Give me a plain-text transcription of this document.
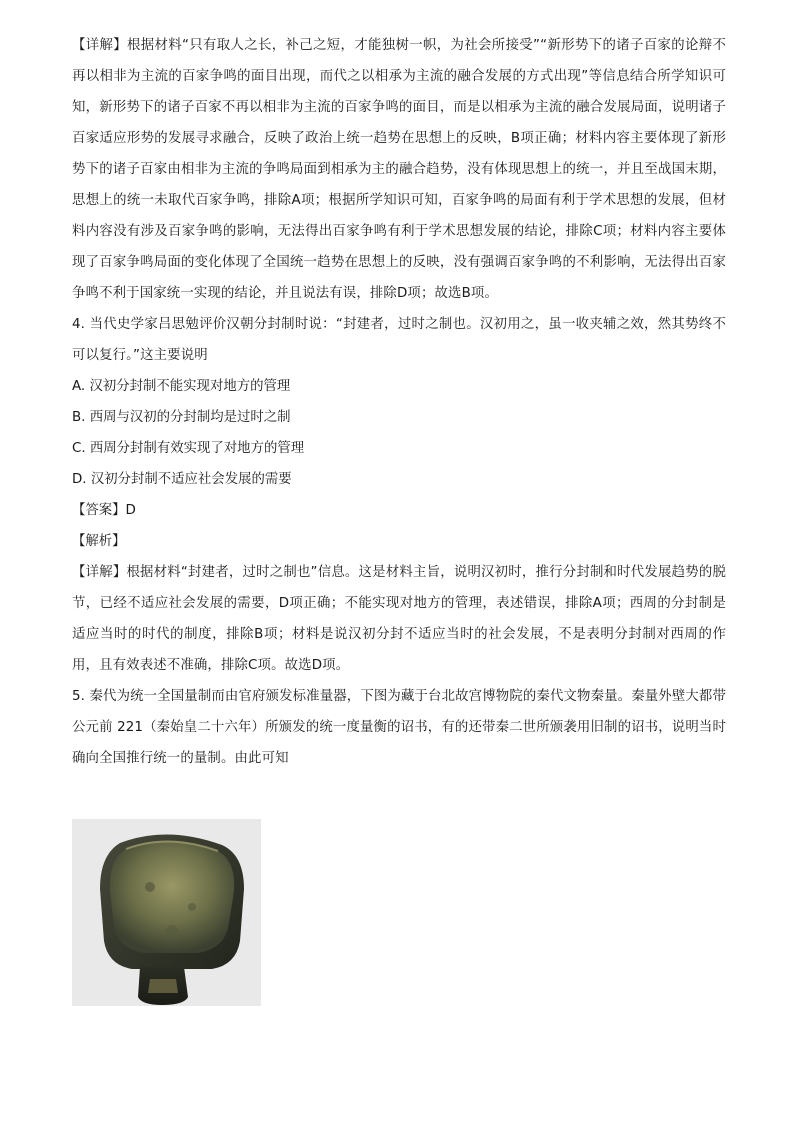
【详解】根据材料“只有取人之长，补己之短，才能独树一帜，为社会所接受”“新形势下的诸子百家的论辩不再以相非为主流的百家争鸣的面目出现，而代之以相承为主流的融合发展的方式出现”等信息结合所学知识可知，新形势下的诸子百家不再以相非为主流的百家争鸣的面目，而是以相承为主流的融合发展局面，说明诸子百家适应形势的发展寻求融合，反映了政治上统一趋势在思想上的反映，B项正确；材料内容主要体现了新形势下的诸子百家由相非为主流的争鸣局面到相承为主的融合趋势，没有体现思想上的统一，并且至战国末期，思想上的统一未取代百家争鸣，排除A项；根据所学知识可知，百家争鸣的局面有利于学术思想的发展，但材料内容没有涉及百家争鸣的影响，无法得出百家争鸣有利于学术思想发展的结论，排除C项；材料内容主要体现了百家争鸣局面的变化体现了全国统一趋势在思想上的反映，没有强调百家争鸣的不利影响，无法得出百家争鸣不利于国家统一实现的结论，并且说法有误，排除D项；故选B项。

4. 当代史学家吕思勉评价汉朝分封制时说：“封建者，过时之制也。汉初用之，虽一收夹辅之效，然其势终不可以复行。”这主要说明

A. 汉初分封制不能实现对地方的管理

B. 西周与汉初的分封制均是过时之制

C. 西周分封制有效实现了对地方的管理

D. 汉初分封制不适应社会发展的需要

【答案】D

【解析】

【详解】根据材料“封建者，过时之制也”信息。这是材料主旨，说明汉初时，推行分封制和时代发展趋势的脱节，已经不适应社会发展的需要，D项正确；不能实现对地方的管理，表述错误，排除A项；西周的分封制是适应当时的时代的制度，排除B项；材料是说汉初分封不适应当时的社会发展，不是表明分封制对西周的作用，且有效表述不准确，排除C项。故选D项。

5. 秦代为统一全国量制而由官府颁发标准量器，下图为藏于台北故宫博物院的秦代文物秦量。秦量外壁大都带公元前 221（秦始皇二十六年）所颁发的统一度量衡的诏书，有的还带秦二世所颁袭用旧制的诏书，说明当时确向全国推行统一的量制。由此可知
